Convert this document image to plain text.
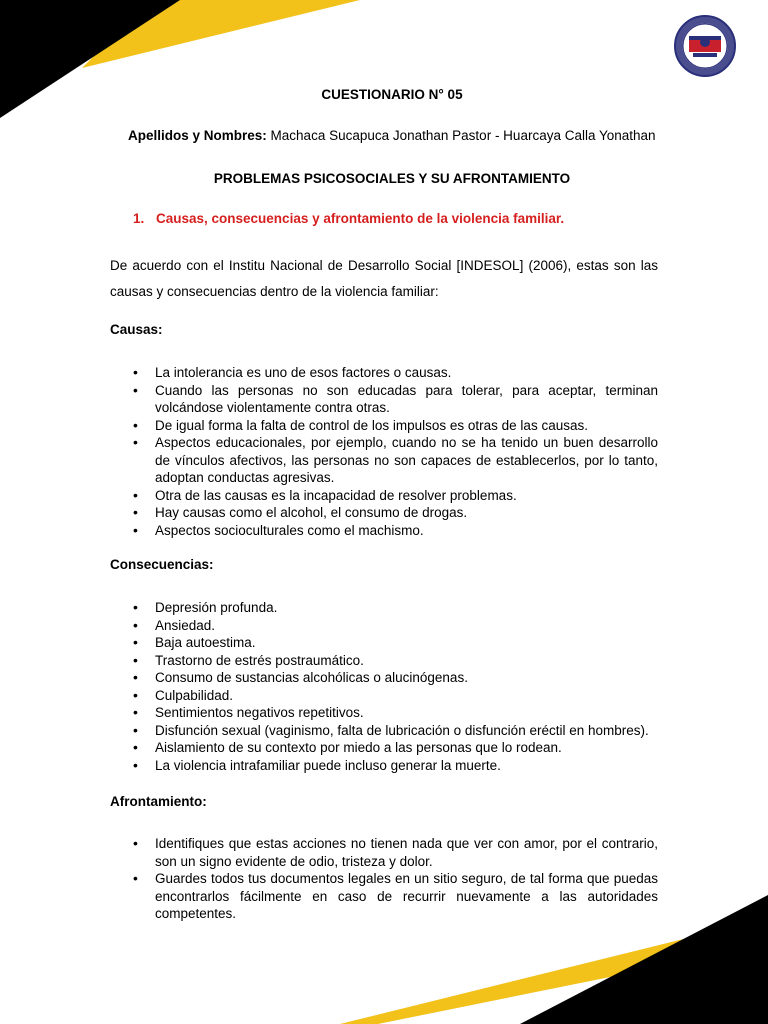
CUESTIONARIO N° 05
Apellidos y Nombres: Machaca Sucapuca Jonathan Pastor - Huarcaya Calla Yonathan
PROBLEMAS PSICOSOCIALES Y SU AFRONTAMIENTO
1. Causas, consecuencias y afrontamiento de la violencia familiar.
De acuerdo con el Institu Nacional de Desarrollo Social [INDESOL] (2006), estas son las causas y consecuencias dentro de la violencia familiar:
Causas:
• La intolerancia es uno de esos factores o causas.
• Cuando las personas no son educadas para tolerar, para aceptar, terminan volcándose violentamente contra otras.
• De igual forma la falta de control de los impulsos es otras de las causas.
• Aspectos educacionales, por ejemplo, cuando no se ha tenido un buen desarrollo de vínculos afectivos, las personas no son capaces de establecerlos, por lo tanto, adoptan conductas agresivas.
• Otra de las causas es la incapacidad de resolver problemas.
• Hay causas como el alcohol, el consumo de drogas.
• Aspectos socioculturales como el machismo.
Consecuencias:
• Depresión profunda.
• Ansiedad.
• Baja autoestima.
• Trastorno de estrés postraumático.
• Consumo de sustancias alcohólicas o alucinógenas.
• Culpabilidad.
• Sentimientos negativos repetitivos.
• Disfunción sexual (vaginismo, falta de lubricación o disfunción eréctil en hombres).
• Aislamiento de su contexto por miedo a las personas que lo rodean.
• La violencia intrafamiliar puede incluso generar la muerte.
Afrontamiento:
• Identifiques que estas acciones no tienen nada que ver con amor, por el contrario, son un signo evidente de odio, tristeza y dolor.
• Guardes todos tus documentos legales en un sitio seguro, de tal forma que puedas encontrarlos fácilmente en caso de recurrir nuevamente a las autoridades competentes.
